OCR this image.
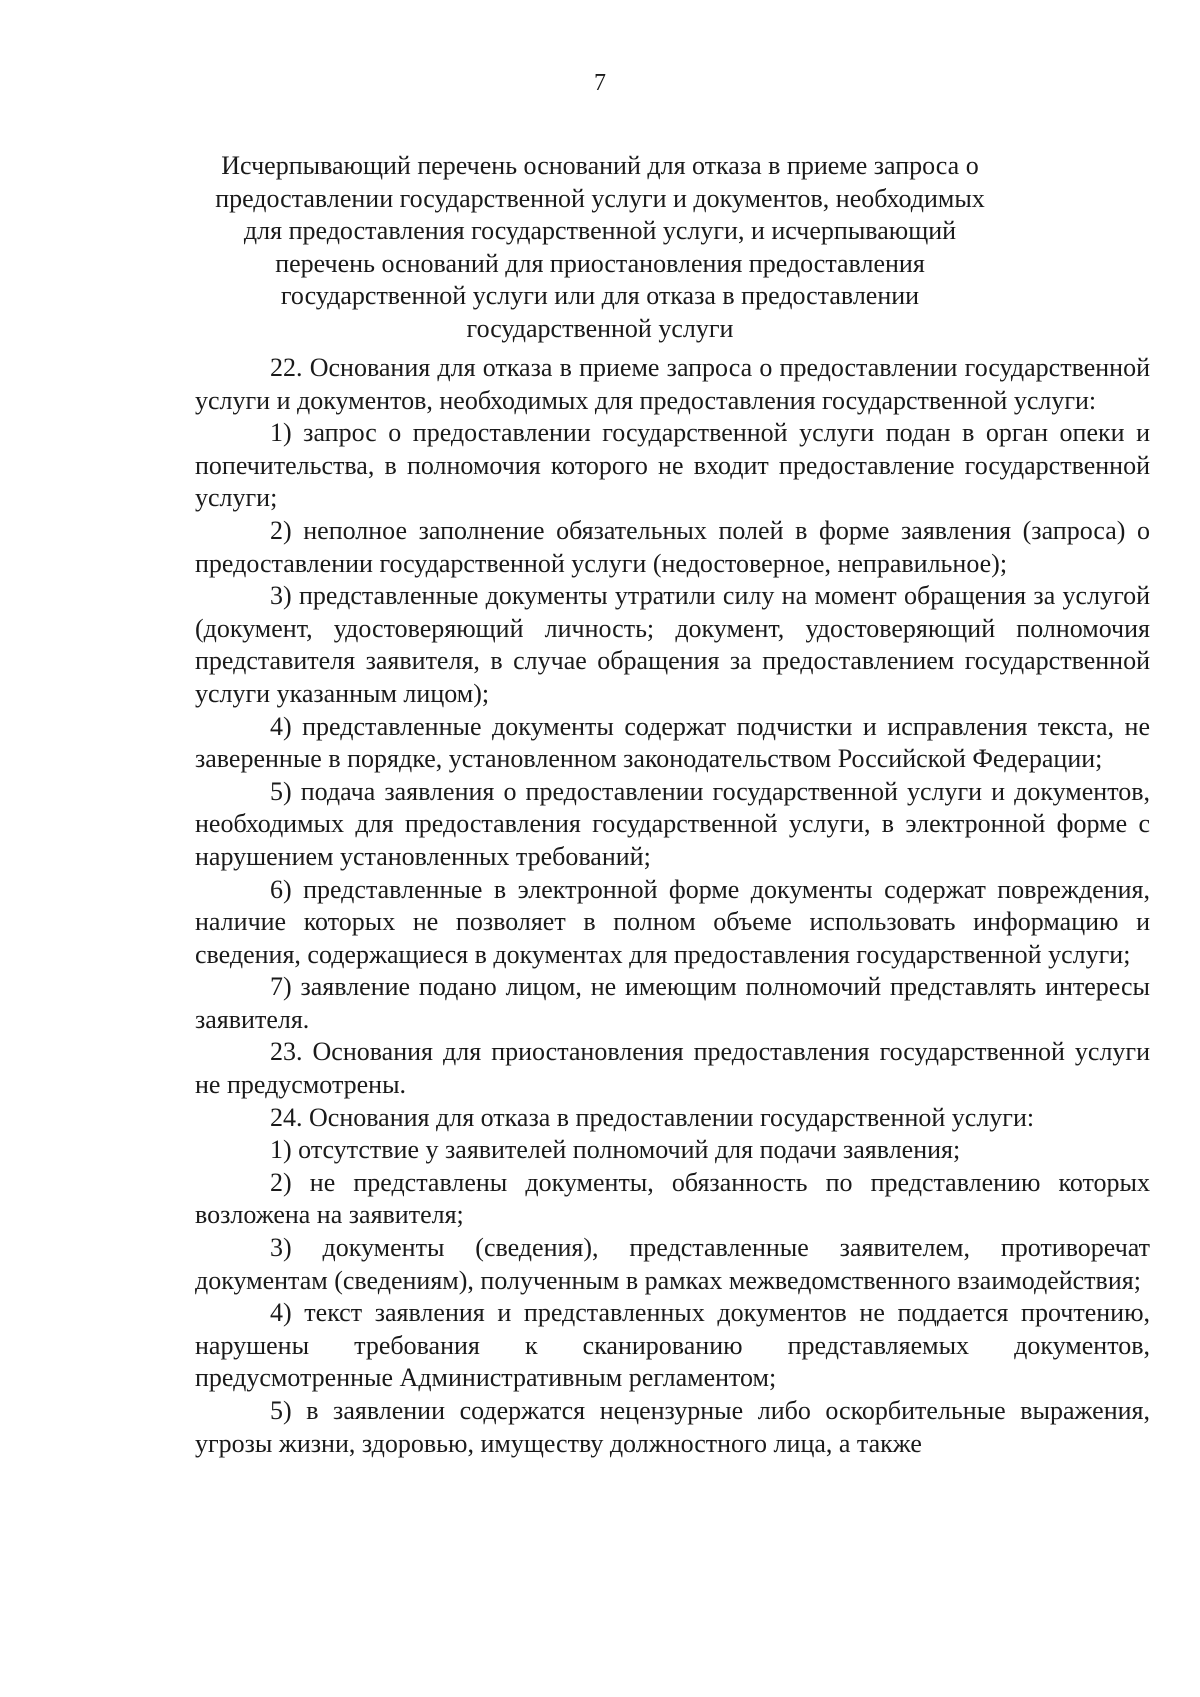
7
Исчерпывающий перечень оснований для отказа в приеме запроса о предоставлении государственной услуги и документов, необходимых для предоставления государственной услуги, и исчерпывающий перечень оснований для приостановления предоставления государственной услуги или для отказа в предоставлении государственной услуги

22. Основания для отказа в приеме запроса о предоставлении государственной услуги и документов, необходимых для предоставления государственной услуги:

1) запрос о предоставлении государственной услуги подан в орган опеки и попечительства, в полномочия которого не входит предоставление государственной услуги;

2) неполное заполнение обязательных полей в форме заявления (запроса) о предоставлении государственной услуги (недостоверное, неправильное);

3) представленные документы утратили силу на момент обращения за услугой (документ, удостоверяющий личность; документ, удостоверяющий полномочия представителя заявителя, в случае обращения за предоставлением государственной услуги указанным лицом);

4) представленные документы содержат подчистки и исправления текста, не заверенные в порядке, установленном законодательством Российской Федерации;

5) подача заявления о предоставлении государственной услуги и документов, необходимых для предоставления государственной услуги, в электронной форме с нарушением установленных требований;

6) представленные в электронной форме документы содержат повреждения, наличие которых не позволяет в полном объеме использовать информацию и сведения, содержащиеся в документах для предоставления государственной услуги;

7) заявление подано лицом, не имеющим полномочий представлять интересы заявителя.

23. Основания для приостановления предоставления государственной услуги не предусмотрены.

24. Основания для отказа в предоставлении государственной услуги:

1) отсутствие у заявителей полномочий для подачи заявления;

2) не представлены документы, обязанность по представлению которых возложена на заявителя;

3) документы (сведения), представленные заявителем, противоречат документам (сведениям), полученным в рамках межведомственного взаимодействия;

4) текст заявления и представленных документов не поддается прочтению, нарушены требования к сканированию представляемых документов, предусмотренные Административным регламентом;

5) в заявлении содержатся нецензурные либо оскорбительные выражения, угрозы жизни, здоровью, имуществу должностного лица, а также
